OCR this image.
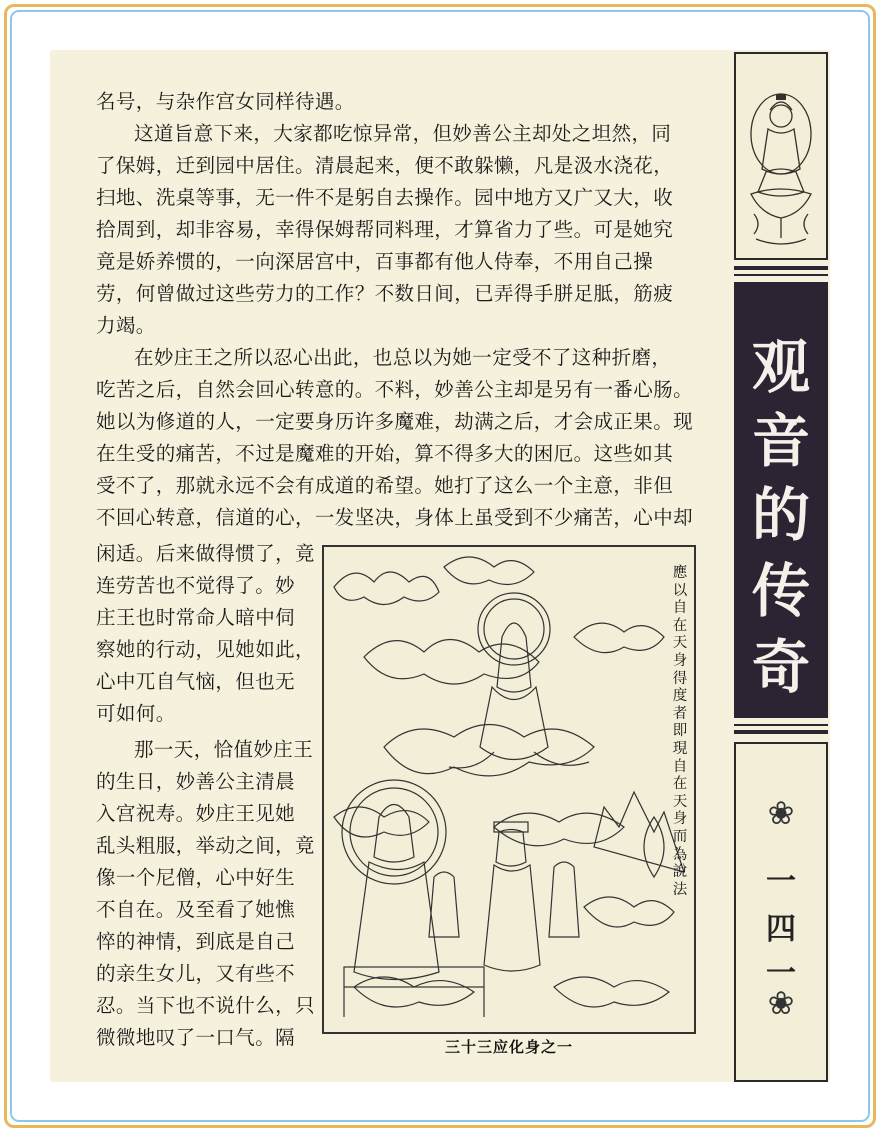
名号，与杂作宫女同样待遇。
这道旨意下来，大家都吃惊异常，但妙善公主却处之坦然，同
了保姆，迁到园中居住。清晨起来，便不敢躲懒，凡是汲水浇花，
扫地、洗桌等事，无一件不是躬自去操作。园中地方又广又大，收
拾周到，却非容易，幸得保姆帮同料理，才算省力了些。可是她究
竟是娇养惯的，一向深居宫中，百事都有他人侍奉，不用自己操
劳，何曾做过这些劳力的工作？不数日间，已弄得手胼足胝，筋疲
力竭。
在妙庄王之所以忍心出此，也总以为她一定受不了这种折磨，
吃苦之后，自然会回心转意的。不料，妙善公主却是另有一番心肠。
她以为修道的人，一定要身历许多魔难，劫满之后，才会成正果。现
在生受的痛苦，不过是魔难的开始，算不得多大的困厄。这些如其
受不了，那就永远不会有成道的希望。她打了这么一个主意，非但
不回心转意，信道的心，一发坚决，身体上虽受到不少痛苦，心中却
闲适。后来做得惯了，竟
连劳苦也不觉得了。妙
庄王也时常命人暗中伺
察她的行动，见她如此，
心中兀自气恼，但也无
可如何。
那一天，恰值妙庄王
的生日，妙善公主清晨
入宫祝寿。妙庄王见她
乱头粗服，举动之间，竟
像一个尼僧，心中好生
不自在。及至看了她憔
悴的神情，到底是自己
的亲生女儿，又有些不
忍。当下也不说什么，只
微微地叹了一口气。隔
應以自在天身得度者即現自在天身而為說法
三十三应化身之一
观
音
的
传
奇
❀
一
四
一
❀
